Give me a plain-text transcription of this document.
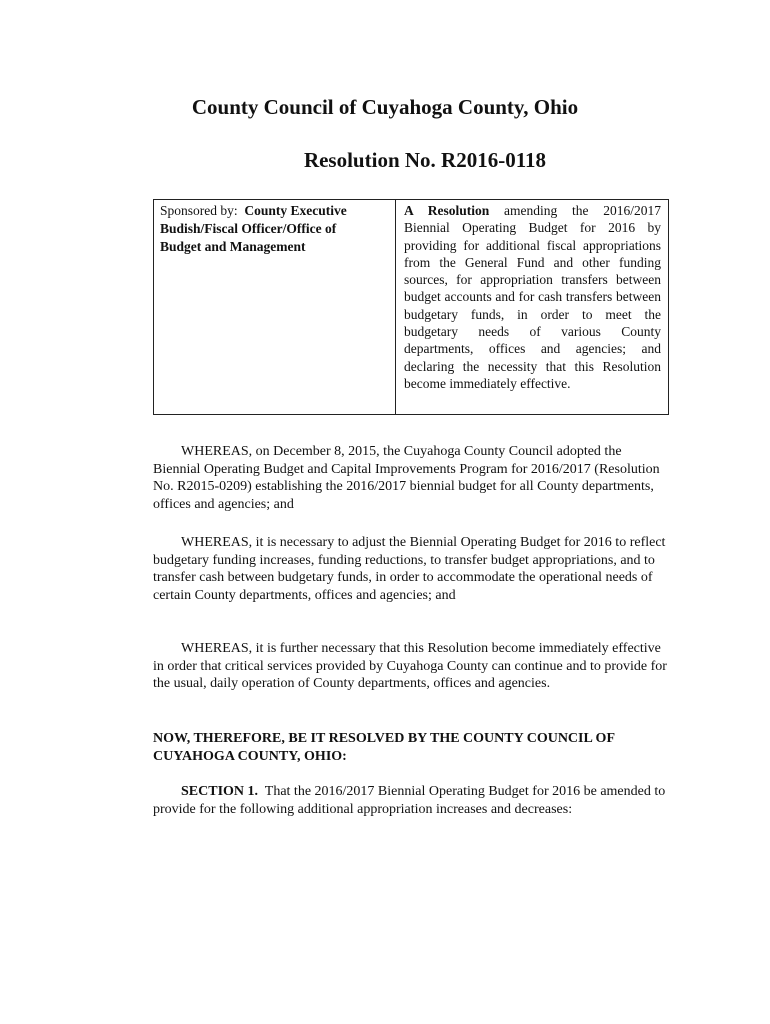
County Council of Cuyahoga County, Ohio
Resolution No. R2016-0118
Sponsored by: County Executive
Budish/Fiscal Officer/Office of
Budget and Management
A Resolution amending the 2016/2017 Biennial Operating Budget for 2016 by providing for additional fiscal appropriations from the General Fund and other funding sources, for appropriation transfers between budget accounts and for cash transfers between budgetary funds, in order to meet the budgetary needs of various County departments, offices and agencies; and declaring the necessity that this Resolution become immediately effective.
WHEREAS, on December 8, 2015, the Cuyahoga County Council adopted the Biennial Operating Budget and Capital Improvements Program for 2016/2017 (Resolution No. R2015-0209) establishing the 2016/2017 biennial budget for all County departments, offices and agencies; and
WHEREAS, it is necessary to adjust the Biennial Operating Budget for 2016 to reflect budgetary funding increases, funding reductions, to transfer budget appropriations, and to transfer cash between budgetary funds, in order to accommodate the operational needs of certain County departments, offices and agencies; and
WHEREAS, it is further necessary that this Resolution become immediately effective in order that critical services provided by Cuyahoga County can continue and to provide for the usual, daily operation of County departments, offices and agencies.
NOW, THEREFORE, BE IT RESOLVED BY THE COUNTY COUNCIL OF CUYAHOGA COUNTY, OHIO:
SECTION 1. That the 2016/2017 Biennial Operating Budget for 2016 be amended to provide for the following additional appropriation increases and decreases:
